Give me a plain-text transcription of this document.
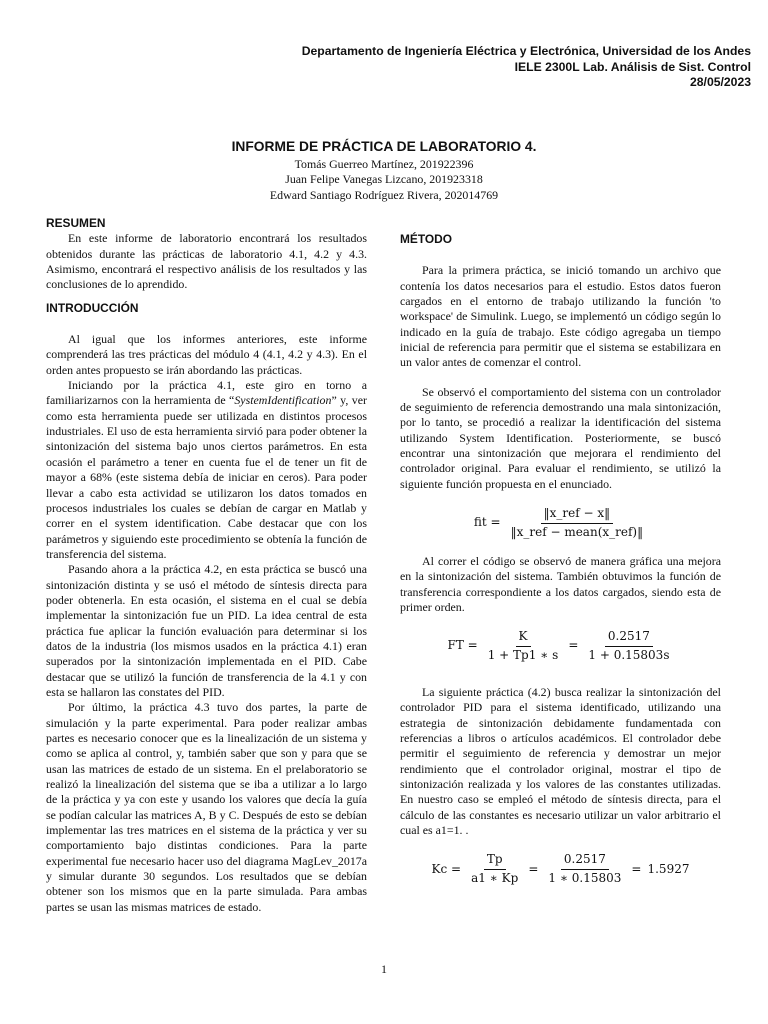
Departamento de Ingeniería Eléctrica y Electrónica, Universidad de los Andes
IELE 2300L Lab. Análisis de Sist. Control
28/05/2023
INFORME DE PRÁCTICA DE LABORATORIO 4.
Tomás Guerreo Martínez, 201922396
Juan Felipe Vanegas Lizcano, 201923318
Edward Santiago Rodríguez Rivera, 202014769
RESUMEN

En este informe de laboratorio encontrará los resultados obtenidos durante las prácticas de laboratorio 4.1, 4.2 y 4.3. Asimismo, encontrará el respectivo análisis de los resultados y las conclusiones de lo aprendido.

INTRODUCCIÓN

Al igual que los informes anteriores, este informe comprenderá las tres prácticas del módulo 4 (4.1, 4.2 y 4.3). En el orden antes propuesto se irán abordando las prácticas.

Iniciando por la práctica 4.1, este giro en torno a familiarizarnos con la herramienta de “SystemIdentification” y, ver como esta herramienta puede ser utilizada en distintos procesos industriales. El uso de esta herramienta sirvió para poder obtener la sintonización del sistema bajo unos ciertos parámetros. En esta ocasión el parámetro a tener en cuenta fue el de tener un fit de mayor a 68% (este sistema debía de iniciar en ceros). Para poder llevar a cabo esta actividad se utilizaron los datos tomados en procesos industriales los cuales se debían de cargar en Matlab y correr en el system identification. Cabe destacar que con los parámetros y siguiendo este procedimiento se obtenía la función de transferencia del sistema.

Pasando ahora a la práctica 4.2, en esta práctica se buscó una sintonización distinta y se usó el método de síntesis directa para poder obtenerla. En esta ocasión, el sistema en el cual se debía implementar la sintonización fue un PID. La idea central de esta práctica fue aplicar la función evaluación para determinar si los datos de la industria (los mismos usados en la práctica 4.1) eran superados por la sintonización implementada en el PID. Cabe destacar que se utilizó la función de transferencia de la 4.1 y con esta se hallaron las constates del PID.

Por último, la práctica 4.3 tuvo dos partes, la parte de simulación y la parte experimental. Para poder realizar ambas partes es necesario conocer que es la linealización de un sistema y como se aplica al control, y, también saber que son y para que se usan las matrices de estado de un sistema. En el prelaboratorio se realizó la linealización del sistema que se iba a utilizar a lo largo de la práctica y ya con este y usando los valores que decía la guía se podían calcular las matrices A, B y C. Después de esto se debían implementar las tres matrices en el sistema de la práctica y ver su comportamiento bajo distintas condiciones. Para la parte experimental fue necesario hacer uso del diagrama MagLev_2017a y simular durante 30 segundos. Los resultados que se debían obtener son los mismos que en la parte simulada. Para ambas partes se usan las mismas matrices de estado.

1

MÉTODO

Para la primera práctica, se inició tomando un archivo que contenía los datos necesarios para el estudio. Estos datos fueron cargados en el entorno de trabajo utilizando la función 'to workspace' de Simulink. Luego, se implementó un código según lo indicado en la guía de trabajo. Este código agregaba un tiempo inicial de referencia para permitir que el sistema se estabilizara en un valor antes de comenzar el control.

Se observó el comportamiento del sistema con un controlador de seguimiento de referencia demostrando una mala sintonización, por lo tanto, se procedió a realizar la identificación del sistema utilizando System Identification. Posteriormente, se buscó encontrar una sintonización que mejorara el rendimiento del controlador original. Para evaluar el rendimiento, se utilizó la siguiente función propuesta en el enunciado.

fit = $\frac{\text{‖x\_ref − x‖}}{\text{‖x\_ref − mean(x\_ref)‖}}$

Al correr el código se observó de manera gráfica una mejora en la sintonización del sistema. También obtuvimos la función de transferencia correspondiente a los datos cargados, siendo esta de primer orden.

FT = $\frac{K}{1 + Tp1 ∗ s} = \frac{0.2517}{1 + 0.15803s}$

La siguiente práctica (4.2) busca realizar la sintonización del controlador PID para el sistema identificado, utilizando una estrategia de sintonización debidamente fundamentada con referencias a libros o artículos académicos. El controlador debe permitir el seguimiento de referencia y demostrar un mejor rendimiento que el controlador original, mostrar el tipo de sintonización realizada y los valores de las constantes utilizadas. En nuestro caso se empleó el método de síntesis directa, para el cálculo de las constantes es necesario utilizar un valor arbitrario el cual es a1=1. .

$Kc = \frac{Tp}{a1 ∗ Kp} = \frac{0.2517}{1 ∗ 0.15803} = 1.5927$
